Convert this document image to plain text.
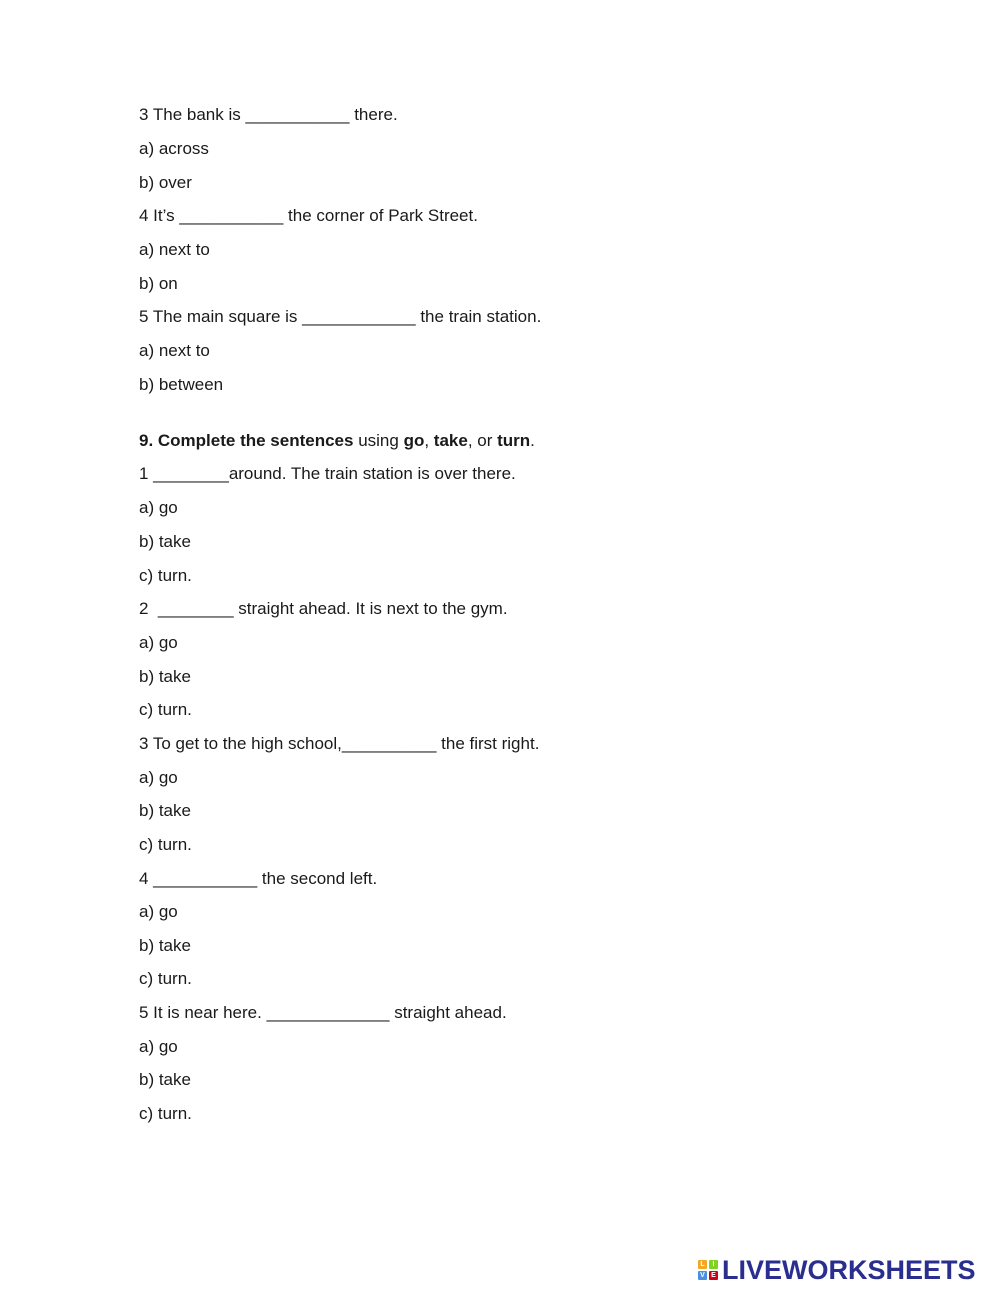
3 The bank is ___________ there.
a) across
b) over
4 It’s ___________ the corner of Park Street.
a) next to
b) on
5 The main square is ____________ the train station.
a) next to
b) between
9. Complete the sentences using go, take, or turn.
1 ________around. The train station is over there.
a) go
b) take
c) turn.
2  ________ straight ahead. It is next to the gym.
a) go
b) take
c) turn.
3 To get to the high school,__________ the first right.
a) go
b) take
c) turn.
4 ___________ the second left.
a) go
b) take
c) turn.
5 It is near here. _____________ straight ahead.
a) go
b) take
c) turn.
L	I
V E LIVEWORKSHEETS
